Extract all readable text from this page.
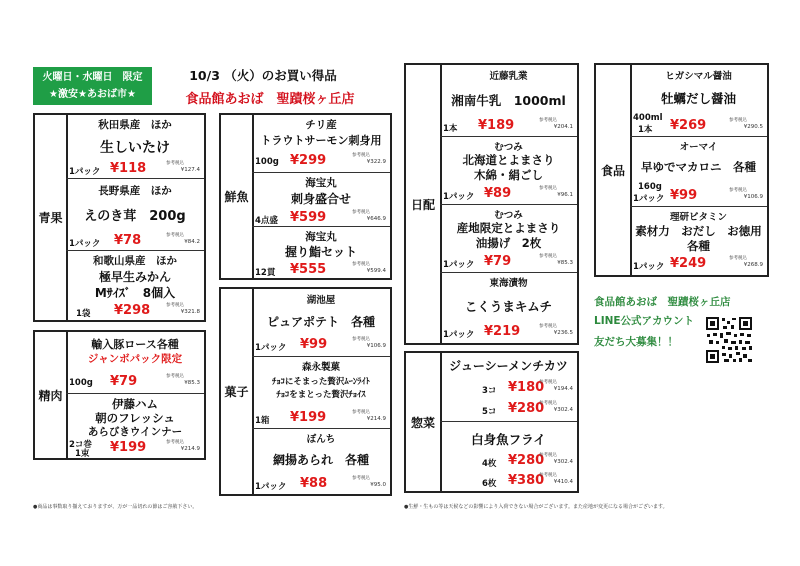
火曜日・水曜日　限定
★激安★あおば市★
10/3 （火）のお買い得品
食品館あおば　聖蹟桜ヶ丘店
青果
秋田県産　ほか
生しいたけ
1パック ¥118	¥127.4
参考税込
長野県産　ほか
えのき茸　200g
1パック ¥78	¥84.2
参考税込
和歌山県産　ほか
極早生みかん
Mｻｲｽﾞ　8個入
1袋 ¥298	¥321.8
参考税込
精肉
輸入豚ロース各種
ジャンボパック限定
100g ¥79	¥85.3
参考税込
伊藤ハム
朝のフレッシュ
あらびきウインナー
2コ巻
1束 ¥199	¥214.9
参考税込
鮮魚
チリ産
トラウトサーモン刺身用
100g ¥299	¥322.9
参考税込
海宝丸
刺身盛合せ
4点盛 ¥599	¥646.9
参考税込
海宝丸
握り鮨セット
12貫 ¥555	¥599.4
参考税込
菓子
湖池屋
ピュアポテト　各種
1パック ¥99	¥106.9
参考税込
森永製菓
ﾁｮｺにそまった贅沢ﾑｰﾝﾗｲﾄ
ﾁｮｺをまとった贅沢ﾁｮｲｽ
1箱 ¥199	¥214.9
参考税込
ぼんち
網揚あられ　各種
1パック ¥88	¥95.0
参考税込
日配
近藤乳業
湘南牛乳　1000ml
1本 ¥189	¥204.1
参考税込
むつみ
北海道とよまさり
木綿・絹ごし
1パック ¥89	¥96.1
参考税込
むつみ
産地限定とよまさり
油揚げ　2枚
1パック ¥79	¥85.3
参考税込
東海漬物
こくうまキムチ
1パック ¥219	¥236.5
参考税込
惣菜
ジューシーメンチカツ
3コ ¥180 ¥194.4
5コ ¥280 ¥302.4
参考税込
参考税込
白身魚フライ
4枚 ¥280 ¥302.4
6枚 ¥380 ¥410.4
参考税込
参考税込
食品
ヒガシマル醤油
牡蠣だし醤油
400ml
1本 ¥269	¥290.5
参考税込
オーマイ
早ゆでマカロニ　各種
160g
1パック ¥99	¥106.9
参考税込
理研ビタミン
素材力　おだし　お徳用
各種
1パック ¥249	¥268.9
参考税込
食品館あおば　聖蹟桜ヶ丘店
LINE公式アカウント
友だち大募集！！
●商品は事数取り揃えておりますが、万が一品切れの節はご容赦下さい。	●生鮮・生もの等は天候などの影響により入荷できない場合がございます。また産地が変更になる場合がございます。
